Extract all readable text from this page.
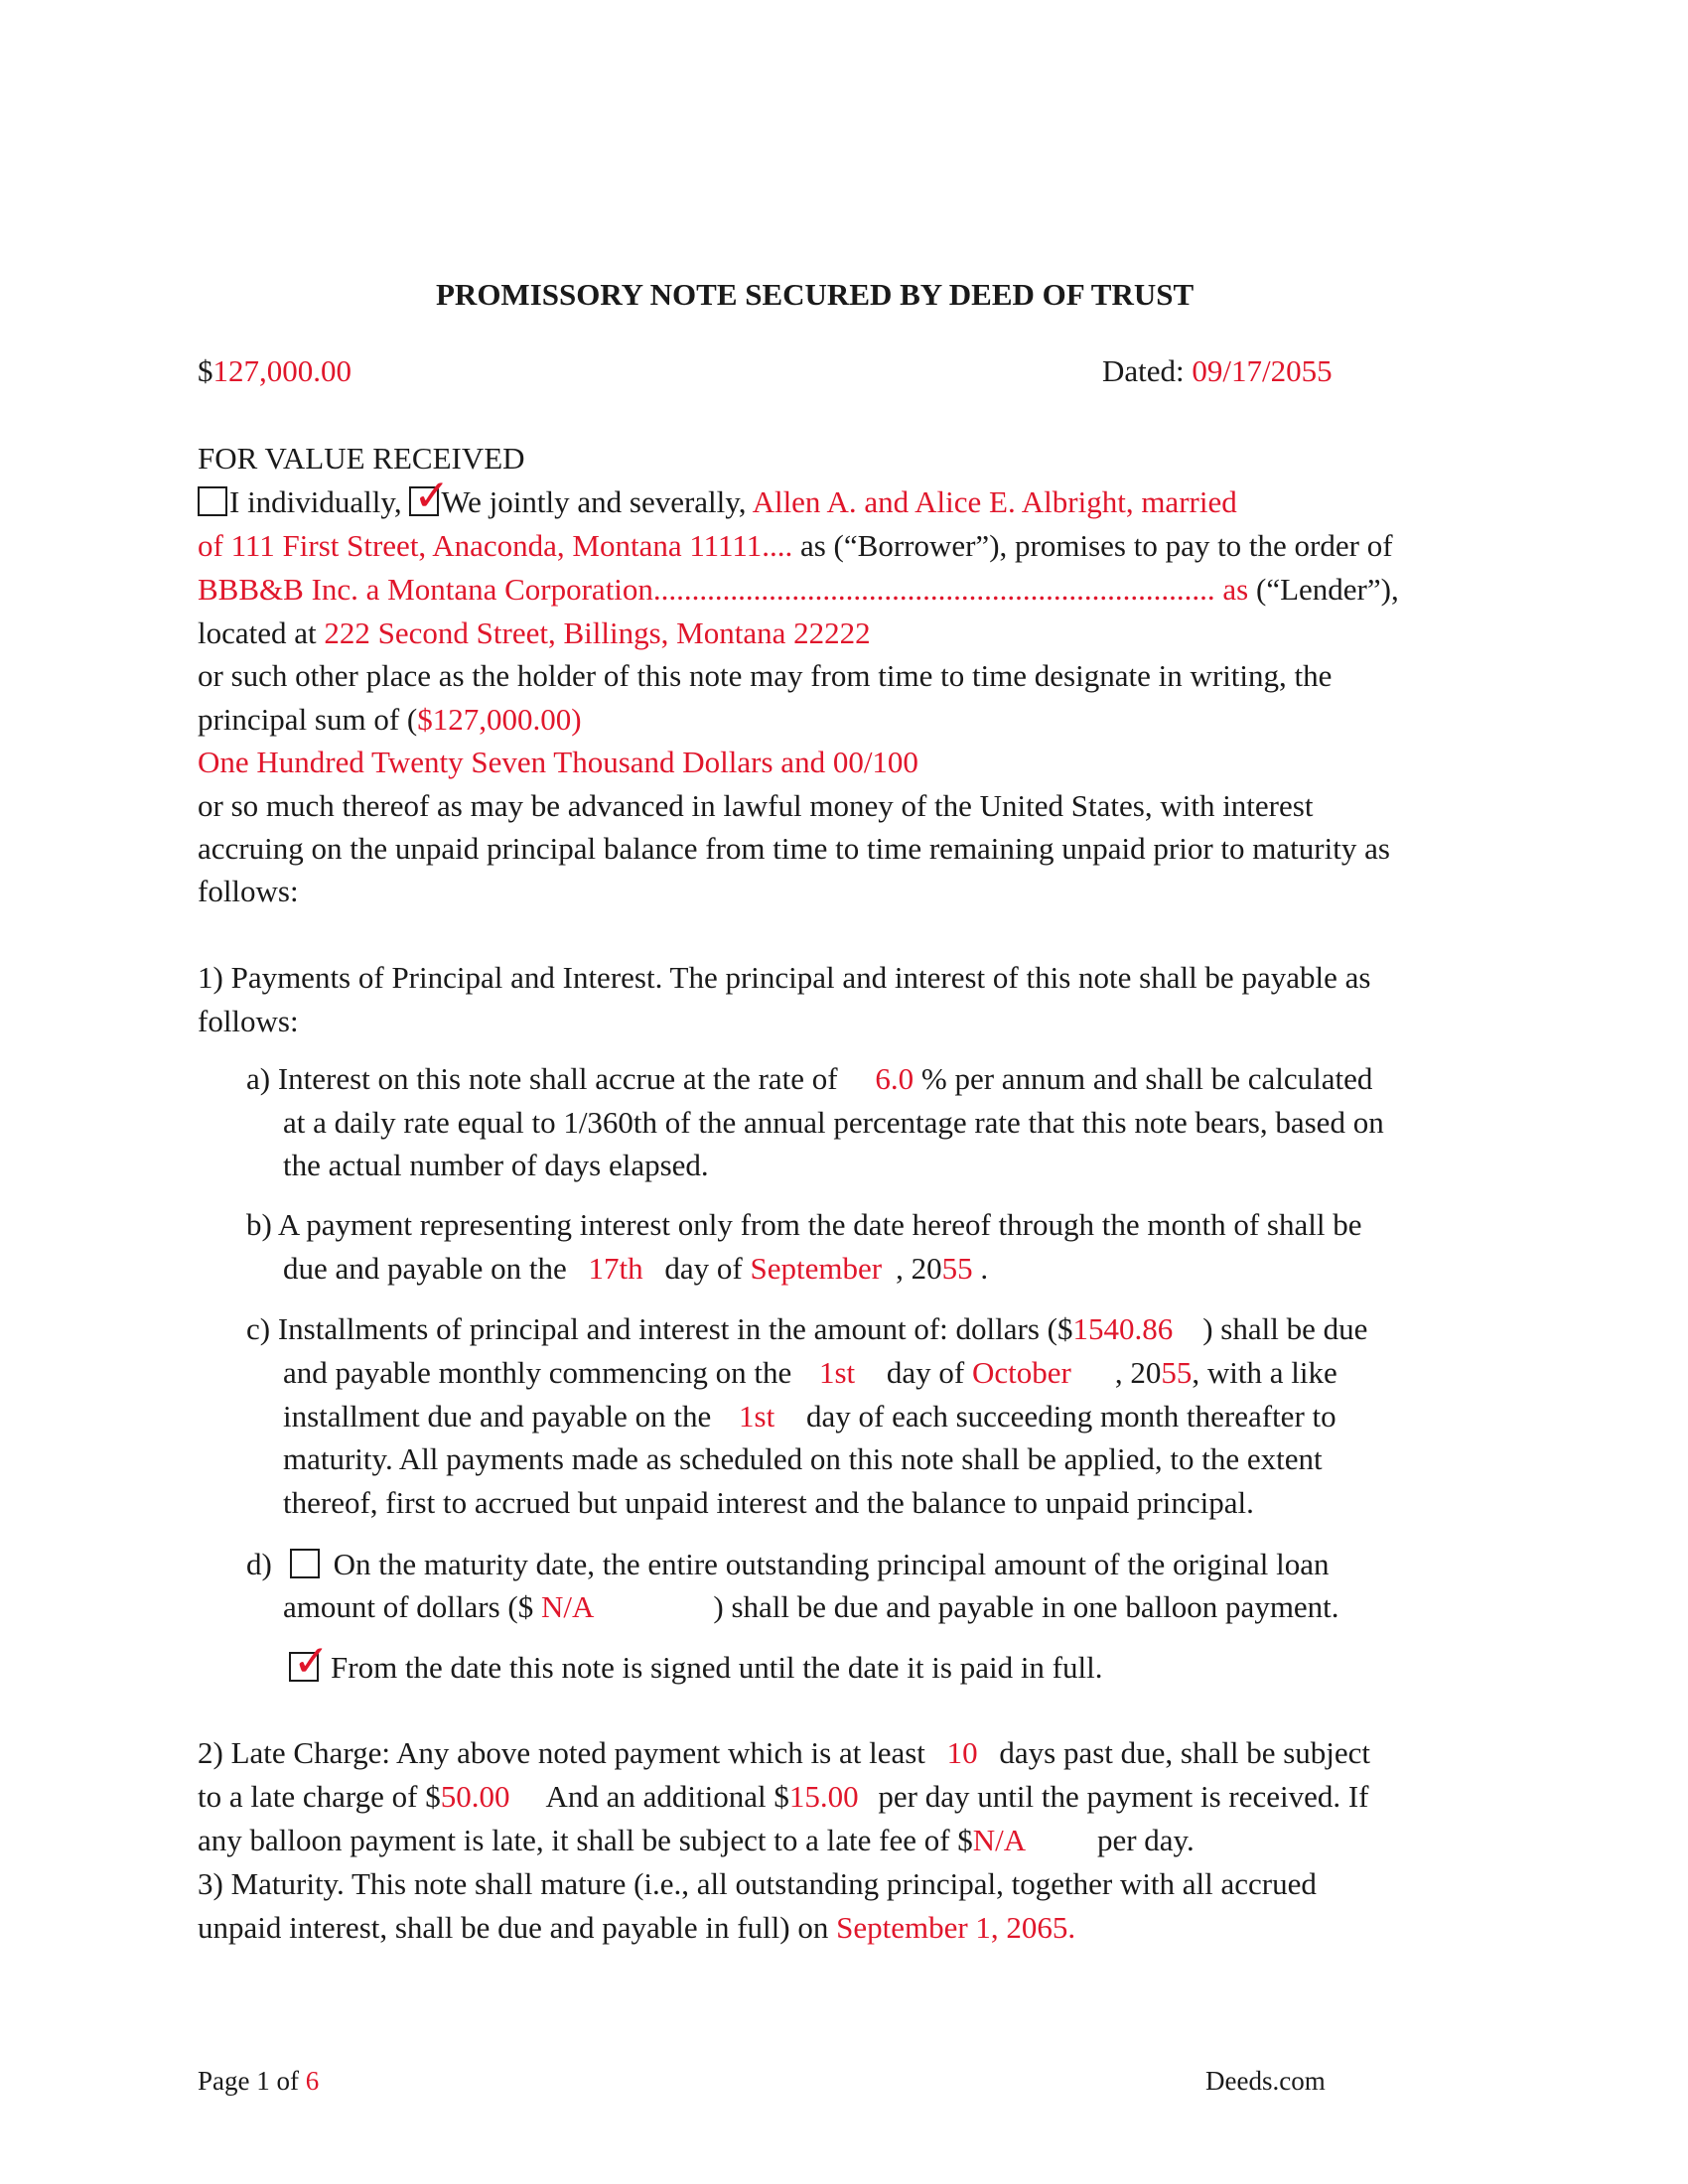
PROMISSORY NOTE SECURED BY DEED OF TRUST
$127,000.00	Dated: 09/17/2055
FOR VALUE RECEIVED
I individually, ✓
We jointly and severally, Allen A. and Alice E. Albright, married
of 111 First Street, Anaconda, Montana 11111.... as (“Borrower”), promises to pay to the order of
BBB&B Inc. a Montana Corporation......................................................................... as (“Lender”),
located at 222 Second Street, Billings, Montana 22222
or such other place as the holder of this note may from time to time designate in writing, the
principal sum of ($127,000.00)
One Hundred Twenty Seven Thousand Dollars and 00/100
or so much thereof as may be advanced in lawful money of the United States, with interest
accruing on the unpaid principal balance from time to time remaining unpaid prior to maturity as
follows:
1) Payments of Principal and Interest. The principal and interest of this note shall be payable as
follows:
a) Interest on this note shall accrue at the rate of 6.0 % per annum and shall be calculated
at a daily rate equal to 1/360th of the annual percentage rate that this note bears, based on
the actual number of days elapsed.
b) A payment representing interest only from the date hereof through the month of shall be
due and payable on the 17th day of September , 2055 .
c) Installments of principal and interest in the amount of: dollars ($1540.86 ) shall be due
and payable monthly commencing on the 1st day of October , 2055, with a like
installment due and payable on the 1st day of each succeeding month thereafter to
maturity. All payments made as scheduled on this note shall be applied, to the extent
thereof, first to accrued but unpaid interest and the balance to unpaid principal.
d) On the maturity date, the entire outstanding principal amount of the original loan
amount of dollars ($ N/A	) shall be due and payable in one balloon payment.
✓ From the date this note is signed until the date it is paid in full.
2) Late Charge: Any above noted payment which is at least 10 days past due, shall be subject
to a late charge of $50.00 And an additional $15.00 per day until the payment is received. If
any balloon payment is late, it shall be subject to a late fee of $N/A per day.
3) Maturity. This note shall mature (i.e., all outstanding principal, together with all accrued
unpaid interest, shall be due and payable in full) on September 1, 2065.
Page 1 of 6	Deeds.com
